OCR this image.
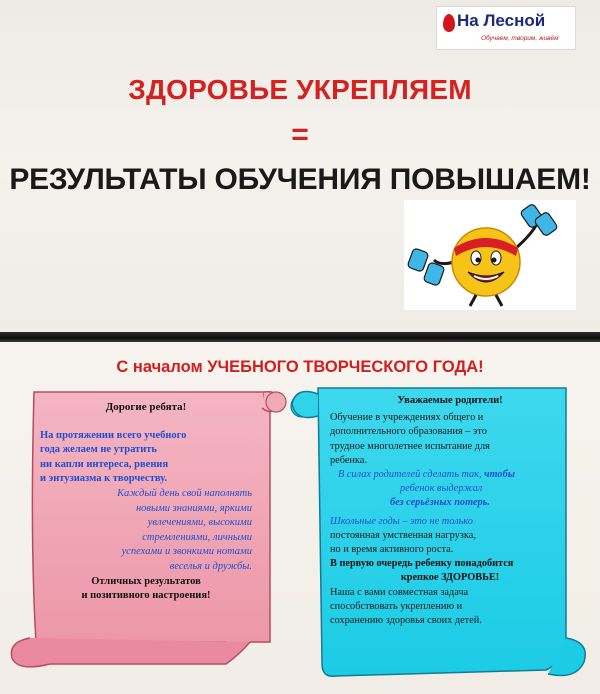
На Лесной
Обучаем, творим, живём
ЗДОРОВЬЕ УКРЕПЛЯЕМ
=
РЕЗУЛЬТАТЫ ОБУЧЕНИЯ ПОВЫШАЕМ!
С началом УЧЕБНОГО ТВОРЧЕСКОГО ГОДА!

Дорогие ребята!

На протяжении всего учебного

года желаем не утратить

ни капли интереса, рвения

и энтузиазма к творчеству.

Каждый день свой наполнять

новыми знаниями, яркими

увлечениями, высокими

стремлениями, личными

успехами и звонкими нотами

веселья и дружбы.

Отличных результатов

и позитивного настроения!

Уважаемые родители!

Обучение в учреждениях общего и

дополнительного образования – это

трудное многолетнее испытание для

ребенка.

В силах родителей сделать так, чтобы

ребенок выдержал

без серьёзных потерь.

Школьные годы – это не только

постоянная умственная нагрузка,

но и время активного роста.

В первую очередь ребенку понадобится

крепкое ЗДОРОВЬЕ!

Наша с вами совместная задача

способствовать укреплению и

сохранению здоровья своих детей.
